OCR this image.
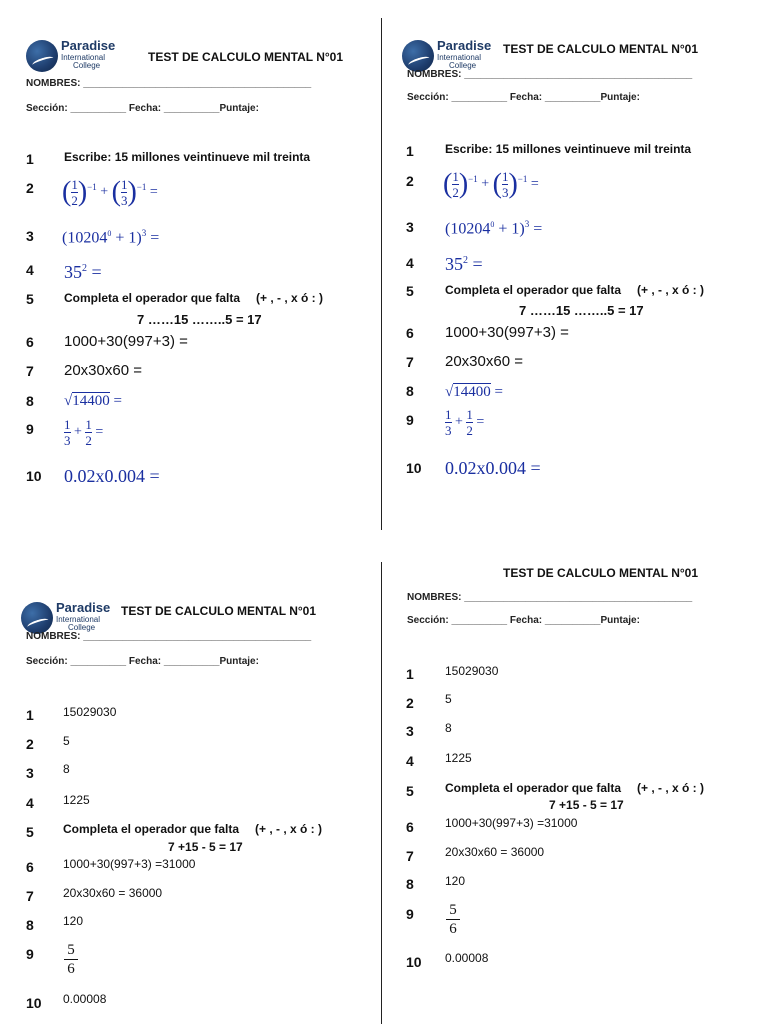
Paradise
International
College
TEST DE CALCULO MENTAL N°01
NOMBRES: _________________________________________
Sección: __________ Fecha: __________Puntaje:
1	Escribe: 15 millones veintinueve mil treinta
2 ( $\frac{1}{2} )^{-1}$ + ( $\frac{1}{3} )^{-1}$ =
3 $(10204^0 + 1)^3$ =
4 $35^2$ =
5	Completa el operador que falta (+ , - , x ó : )
7 ……15 ……..5 = 17
6 1000+30(997+3) =
7 20x30x60 =
8 √14400 =
$9 \frac{1}{3} + \frac{1}{2}$ =
10 0.02x0.004 =
Paradise
International
College
TEST DE CALCULO MENTAL N°01
NOMBRES: _________________________________________
Sección: __________ Fecha: __________Puntaje:
1	Escribe: 15 millones veintinueve mil treinta
2 ( $\frac{1}{2} )^{-1}$ + ( $\frac{1}{3} )^{-1}$ =
3 $(10204^0 + 1)^3$ =
4 $35^2$ =
5	Completa el operador que falta (+ , - , x ó : )
7 ……15 ……..5 = 17
6 1000+30(997+3) =
7 20x30x60 =
8 √14400 =
$9 \frac{1}{3} + \frac{1}{2}$ =
10 0.02x0.004 =
Paradise
International
College
TEST DE CALCULO MENTAL N°01
NOMBRES: _________________________________________
Sección: __________ Fecha: __________Puntaje:
1 15029030
2 5
3 8
4 1225
5 Completa el operador que falta (+ , - , x ó : )
7 +15 - 5 = 17
6 1000+30(997+3) =31000
7 20x30x60 = 36000
8 120
$9 \frac{5}{6}$
10 0.00008
TEST DE CALCULO MENTAL N°01
NOMBRES: _________________________________________
Sección: __________ Fecha: __________Puntaje:
1	15029030
2	5
3	8
4	1225
5	Completa el operador que falta (+ , - , x ó : )
7 +15 - 5 = 17
6	1000+30(997+3) =31000
7	20x30x60 = 36000
8	120
$9 \frac{5}{6}$
10 0.00008
